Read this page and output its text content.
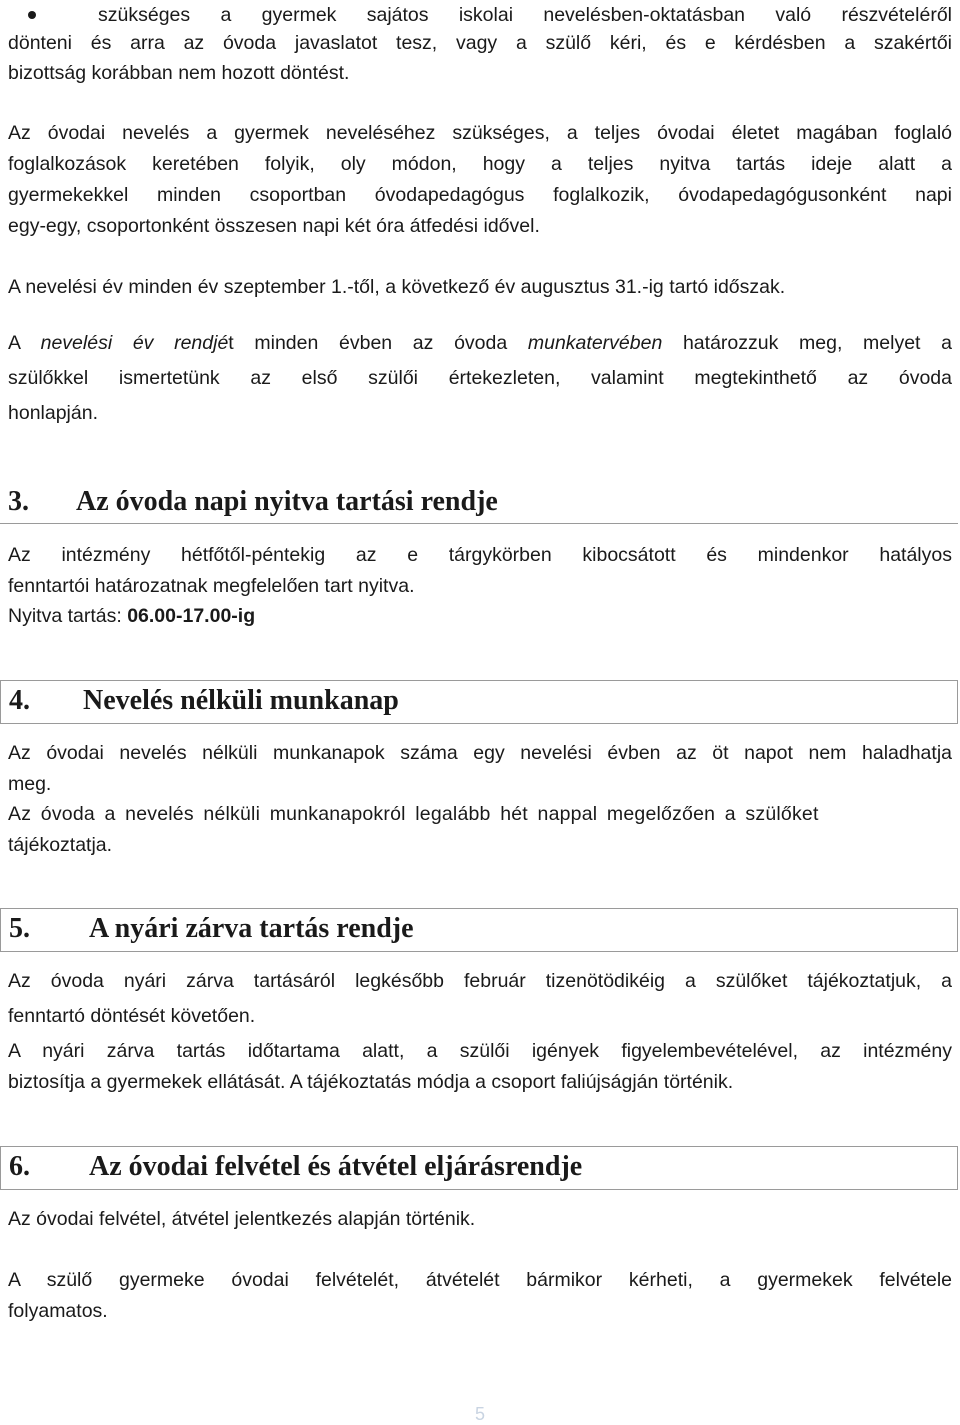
szükséges a gyermek sajátos iskolai nevelésben-oktatásban való részvételéről
dönteni és arra az óvoda javaslatot tesz, vagy a szülő kéri, és e kérdésben a szakértői
bizottság korábban nem hozott döntést.
Az óvodai nevelés a gyermek neveléséhez szükséges, a teljes óvodai életet magában foglaló
foglalkozások keretében folyik, oly módon, hogy a teljes nyitva tartás ideje alatt a
gyermekekkel minden csoportban óvodapedagógus foglalkozik, óvodapedagógusonként napi
egy-egy, csoportonként összesen napi két óra átfedési idővel.
A nevelési év minden év szeptember 1.-től, a következő év augusztus 31.-ig tartó időszak.
A nevelési év rendjét minden évben az óvoda munkatervében határozzuk meg, melyet a
szülőkkel ismertetünk az első szülői értekezleten, valamint megtekinthető az óvoda
honlapján.
3. Az óvoda napi nyitva tartási rendje
Az intézmény hétfőtől-péntekig az e tárgykörben kibocsátott és mindenkor hatályos
fenntartói határozatnak megfelelően tart nyitva.
Nyitva tartás: 06.00-17.00-ig
4. Nevelés nélküli munkanap
Az óvodai nevelés nélküli munkanapok száma egy nevelési évben az öt napot nem haladhatja
meg.
Az óvoda a nevelés nélküli munkanapokról legalább hét nappal megelőzően a szülőket
tájékoztatja.
5. A nyári zárva tartás rendje
Az óvoda nyári zárva tartásáról legkésőbb február tizenötödikéig a szülőket tájékoztatjuk, a
fenntartó döntését követően.
A nyári zárva tartás időtartama alatt, a szülői igények figyelembevételével, az intézmény
biztosítja a gyermekek ellátását. A tájékoztatás módja a csoport faliújságján történik.
6. Az óvodai felvétel és átvétel eljárásrendje
Az óvodai felvétel, átvétel jelentkezés alapján történik.
A szülő gyermeke óvodai felvételét, átvételét bármikor kérheti, a gyermekek felvétele
folyamatos.
5
